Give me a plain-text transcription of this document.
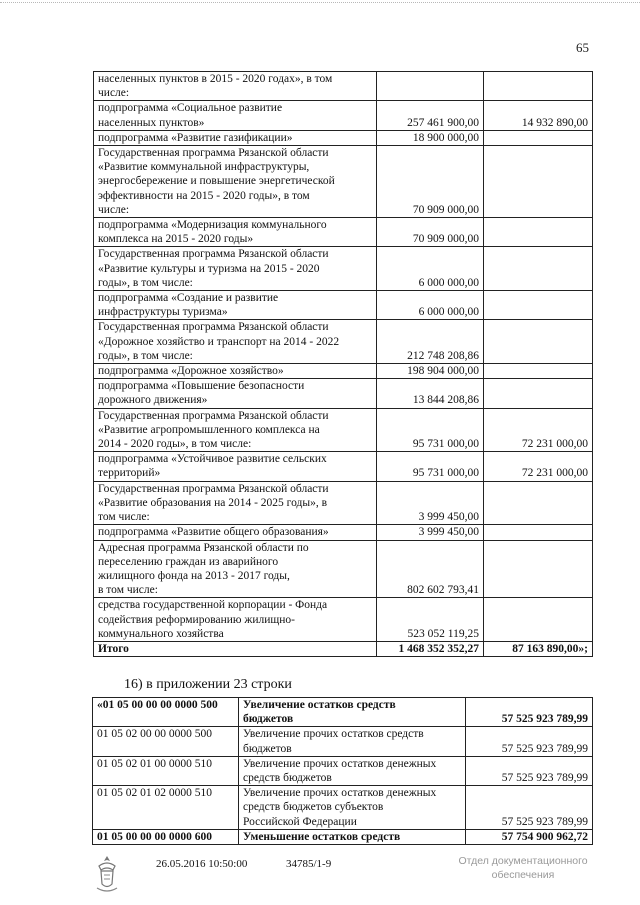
65
населенных пунктов в 2015 - 2020 годах», в том
числе:		
подпрограмма «Социальное развитие
населенных пунктов»	257 461 900,00	14 932 890,00
подпрограмма «Развитие газификации»	18 900 000,00	
Государственная программа Рязанской области
«Развитие коммунальной инфраструктуры,
энергосбережение и повышение энергетической
эффективности на 2015 - 2020 годы», в том
числе:	70 909 000,00	
подпрограмма «Модернизация коммунального
комплекса на 2015 - 2020 годы»	70 909 000,00	
Государственная программа Рязанской области
«Развитие культуры и туризма на 2015 - 2020
годы», в том числе:	6 000 000,00	
подпрограмма «Создание и развитие
инфраструктуры туризма»	6 000 000,00	
Государственная программа Рязанской области
«Дорожное хозяйство и транспорт на 2014 - 2022
годы», в том числе:	212 748 208,86	
подпрограмма «Дорожное хозяйство»	198 904 000,00	
подпрограмма «Повышение безопасности
дорожного движения»	13 844 208,86	
Государственная программа Рязанской области
«Развитие агропромышленного комплекса на
2014 - 2020 годы», в том числе:	95 731 000,00	72 231 000,00
подпрограмма «Устойчивое развитие сельских
территорий»	95 731 000,00	72 231 000,00
Государственная программа Рязанской области
«Развитие образования на 2014 - 2025 годы», в
том числе:	3 999 450,00	
подпрограмма «Развитие общего образования»	3 999 450,00	
Адресная программа Рязанской области по
переселению граждан из аварийного
жилищного фонда на 2013 - 2017 годы,
в том числе:	802 602 793,41	
средства государственной корпорации - Фонда
содействия реформированию жилищно-
коммунального хозяйства	523 052 119,25	
Итого	1 468 352 352,27	87 163 890,00»;
16) в приложении 23 строки
«01 05 00 00 00 0000 500	Увеличение остатков средств
бюджетов	57 525 923 789,99
01 05 02 00 00 0000 500	Увеличение прочих остатков средств
бюджетов	57 525 923 789,99
01 05 02 01 00 0000 510	Увеличение прочих остатков денежных
средств бюджетов	57 525 923 789,99
01 05 02 01 02 0000 510	Увеличение прочих остатков денежных
средств бюджетов субъектов
Российской Федерации	57 525 923 789,99
01 05 00 00 00 0000 600	Уменьшение остатков средств	57 754 900 962,72
26.05.2016 10:50:00	34785/1-9	Отдел документационного
обеспечения
